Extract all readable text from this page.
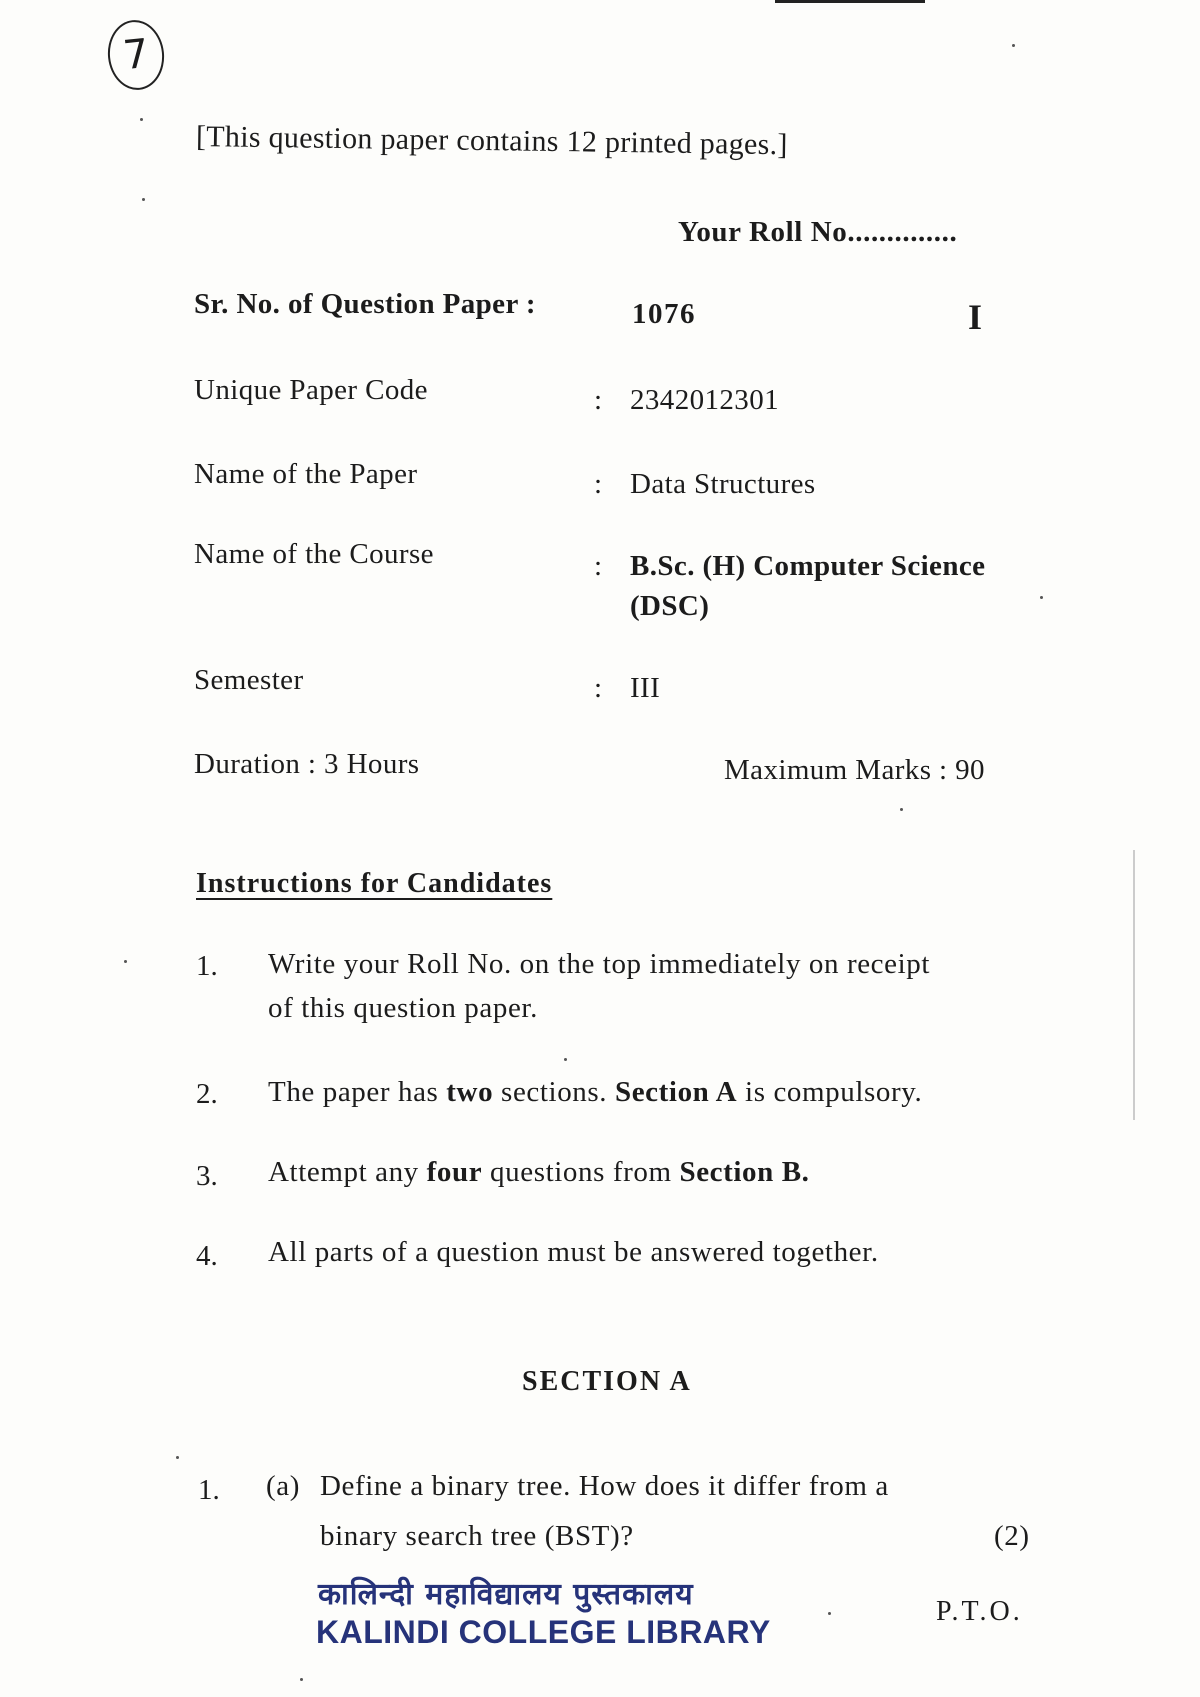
7
[This question paper contains 12 printed pages.]
Your Roll No..............
Sr. No. of Question Paper :	1076	I
Unique Paper Code	: 2342012301
Name of the Paper	: Data Structures
Name of the Course	: B.Sc. (H) Computer Science
(DSC)
Semester	: III
Duration : 3 Hours	Maximum Marks : 90
Instructions for Candidates
1. Write your Roll No. on the top immediately on receipt
of this question paper.
2. The paper has two sections. Section A is compulsory.
3. Attempt any four questions from Section B.
4. All parts of a question must be answered together.
SECTION A
1. (a) Define a binary tree. How does it differ from a
binary search tree (BST)?	(2)
कालिन्दी महाविद्यालय पुस्तकालय
KALINDI COLLEGE LIBRARY
P.T.O.
